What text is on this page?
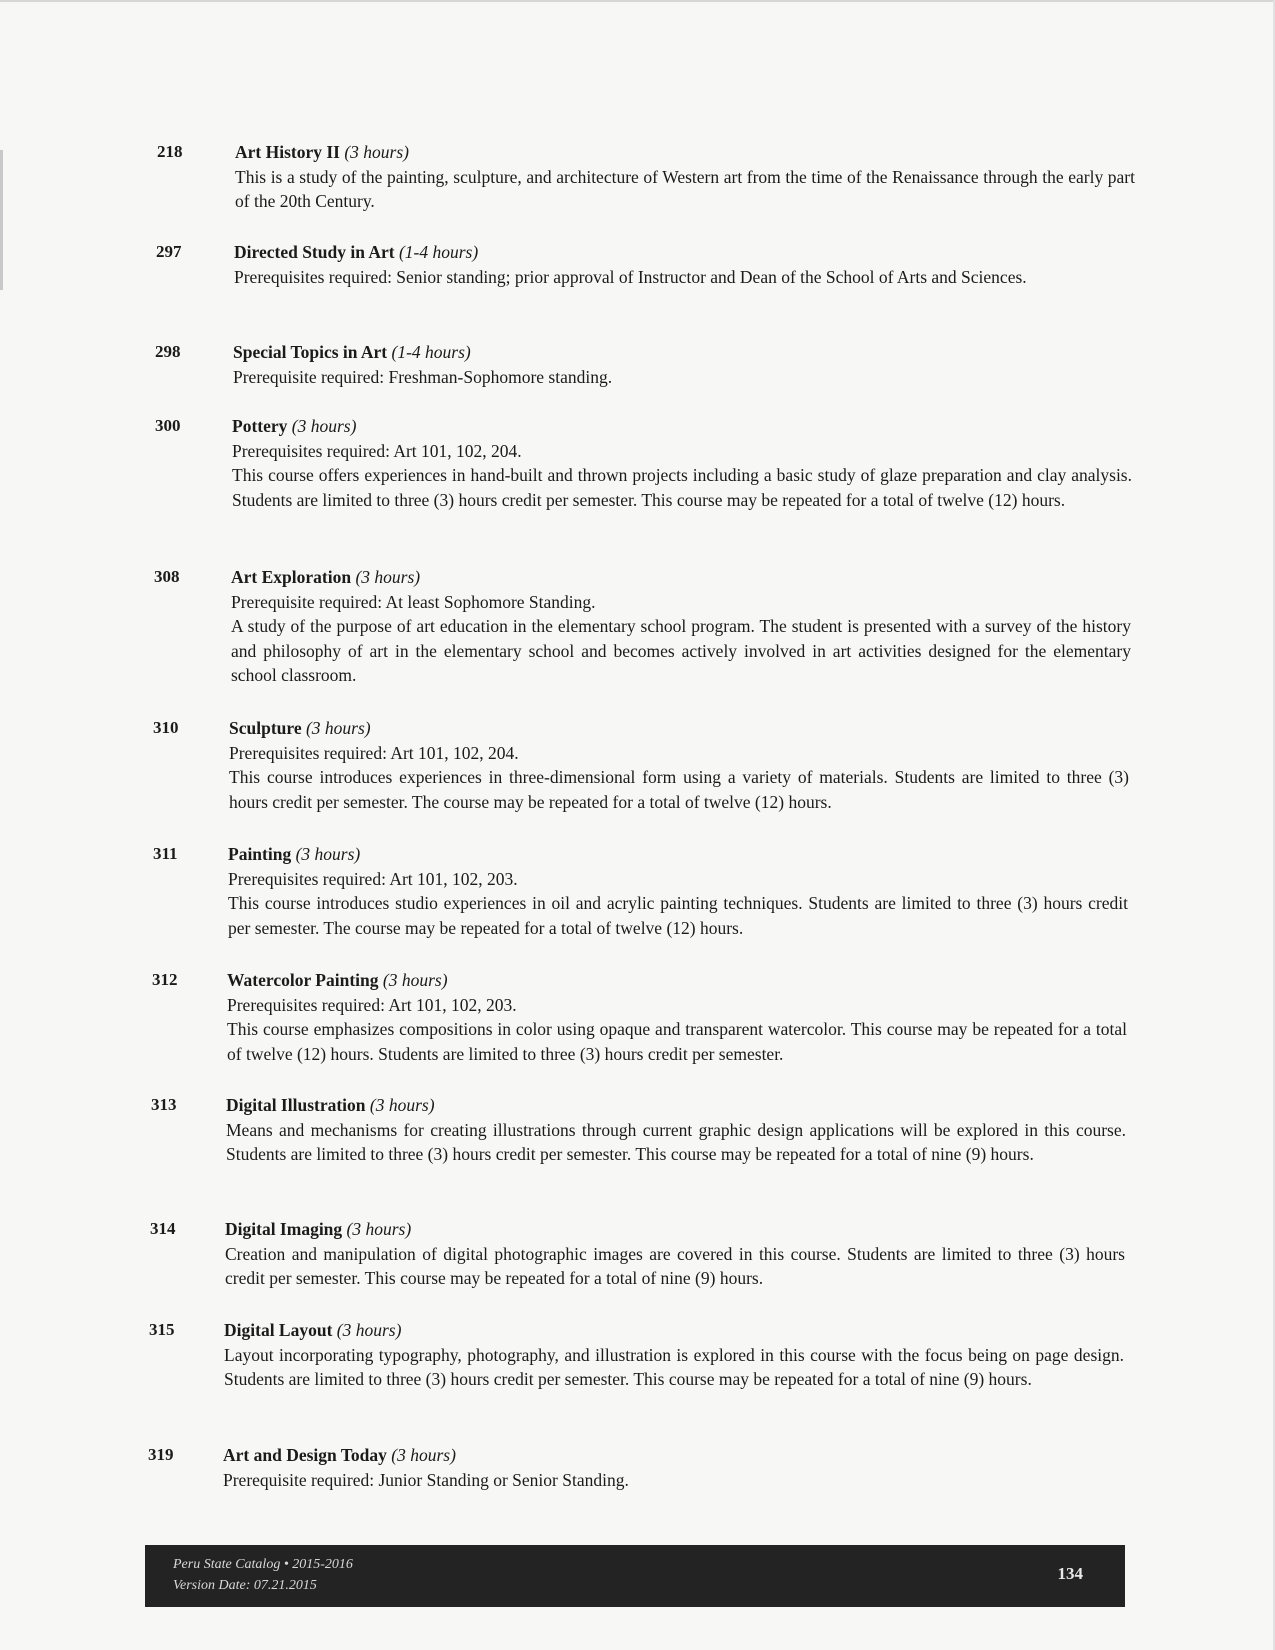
218	Art History II (3 hours)
This is a study of the painting, sculpture, and architecture of Western art from the time of the Renaissance through the early part of the 20th Century.
297	Directed Study in Art (1-4 hours)
Prerequisites required: Senior standing; prior approval of Instructor and Dean of the School of Arts and Sciences.
298	Special Topics in Art (1-4 hours)
Prerequisite required: Freshman-Sophomore standing.
300	Pottery (3 hours)
Prerequisites required: Art 101, 102, 204.
This course offers experiences in hand-built and thrown projects including a basic study of glaze preparation and clay analysis. Students are limited to three (3) hours credit per semester. This course may be repeated for a total of twelve (12) hours.
308	Art Exploration (3 hours)
Prerequisite required: At least Sophomore Standing.
A study of the purpose of art education in the elementary school program. The student is presented with a survey of the history and philosophy of art in the elementary school and becomes actively involved in art activities designed for the elementary school classroom.
310	Sculpture (3 hours)
Prerequisites required: Art 101, 102, 204.
This course introduces experiences in three-dimensional form using a variety of materials. Students are limited to three (3) hours credit per semester. The course may be repeated for a total of twelve (12) hours.
311	Painting (3 hours)
Prerequisites required: Art 101, 102, 203.
This course introduces studio experiences in oil and acrylic painting techniques. Students are limited to three (3) hours credit per semester. The course may be repeated for a total of twelve (12) hours.
312	Watercolor Painting (3 hours)
Prerequisites required: Art 101, 102, 203.
This course emphasizes compositions in color using opaque and transparent watercolor. This course may be repeated for a total of twelve (12) hours. Students are limited to three (3) hours credit per semester.
313	Digital Illustration (3 hours)
Means and mechanisms for creating illustrations through current graphic design applications will be explored in this course. Students are limited to three (3) hours credit per semester. This course may be repeated for a total of nine (9) hours.
314	Digital Imaging (3 hours)
Creation and manipulation of digital photographic images are covered in this course. Students are limited to three (3) hours credit per semester. This course may be repeated for a total of nine (9) hours.
315	Digital Layout (3 hours)
Layout incorporating typography, photography, and illustration is explored in this course with the focus being on page design. Students are limited to three (3) hours credit per semester. This course may be repeated for a total of nine (9) hours.
319	Art and Design Today (3 hours)
Prerequisite required: Junior Standing or Senior Standing.
Peru State Catalog • 2015-2016
Version Date: 07.21.2015
134
